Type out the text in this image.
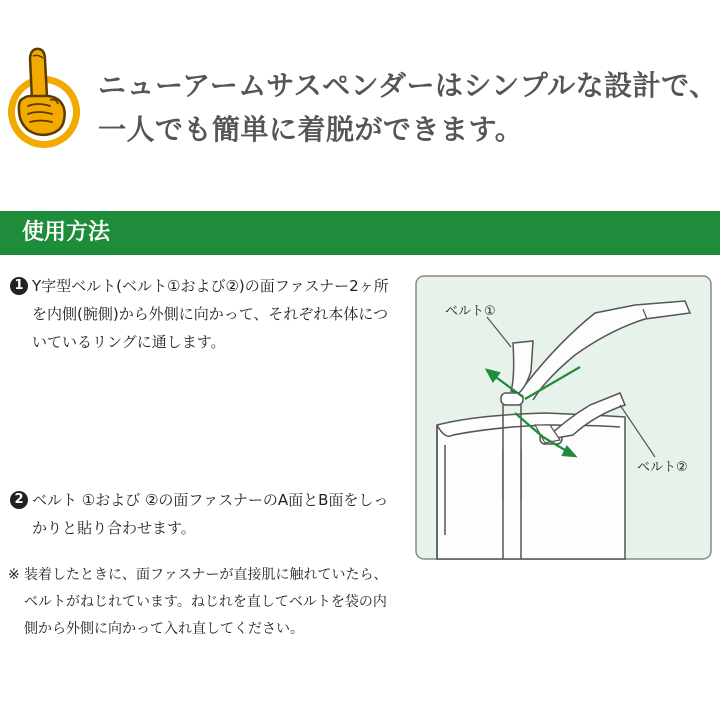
ニューアームサスペンダーはシンプルな設計で、
一人でも簡単に着脱ができます。
使用方法
1 Y字型ベルト(ベルト①および②)の面ファスナー2ヶ所を内側(腕側)から外側に向かって、それぞれ本体についているリングに通します。
2 ベルト ①および ②の面ファスナーのA面とB面をしっかりと貼り合わせます。
※ 装着したときに、面ファスナーが直接肌に触れていたら、ベルトがねじれています。ねじれを直してベルトを袋の内側から外側に向かって入れ直してください。
ベルト①
ベルト②
